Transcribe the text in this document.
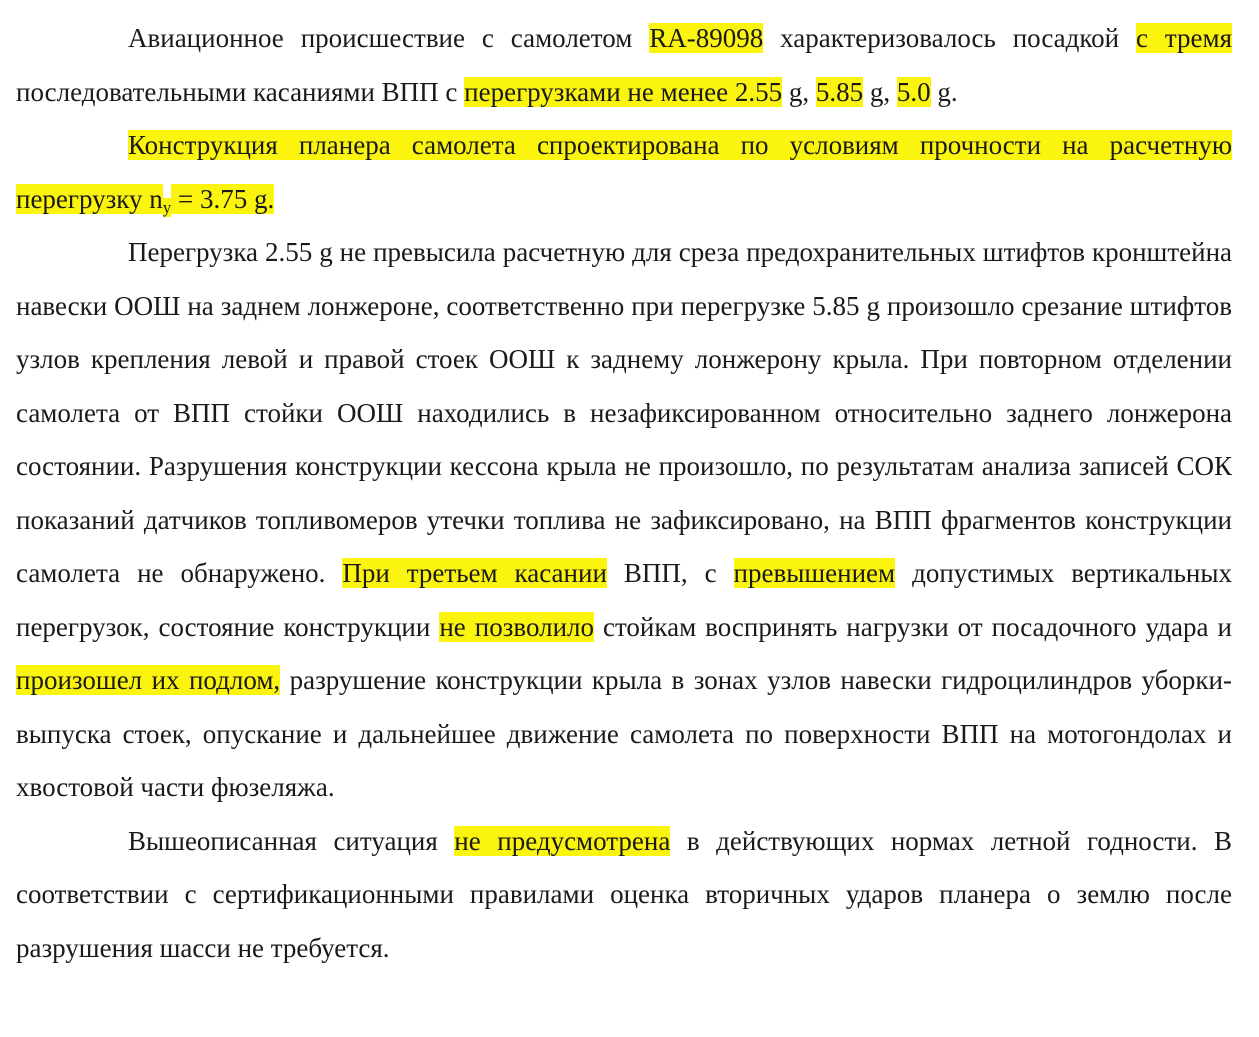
Авиационное происшествие с самолетом RA-89098 характеризовалось посадкой с тремя последовательными касаниями ВПП с перегрузками не менее 2.55 g, 5.85 g, 5.0 g.

Конструкция планера самолета спроектирована по условиям прочности на расчетную перегрузку ny = 3.75 g.

Перегрузка 2.55 g не превысила расчетную для среза предохранительных штифтов кронштейна навески ООШ на заднем лонжероне, соответственно при перегрузке 5.85 g произошло срезание штифтов узлов крепления левой и правой стоек ООШ к заднему лонжерону крыла. При повторном отделении самолета от ВПП стойки ООШ находились в незафиксированном относительно заднего лонжерона состоянии. Разрушения конструкции кессона крыла не произошло, по результатам анализа записей СОК показаний датчиков топливомеров утечки топлива не зафиксировано, на ВПП фрагментов конструкции самолета не обнаружено. При третьем касании ВПП, с превышением допустимых вертикальных перегрузок, состояние конструкции не позволило стойкам воспринять нагрузки от посадочного удара и произошел их подлом, разрушение конструкции крыла в зонах узлов навески гидроцилиндров уборки-выпуска стоек, опускание и дальнейшее движение самолета по поверхности ВПП на мотогондолах и хвостовой части фюзеляжа.

Вышеописанная ситуация не предусмотрена в действующих нормах летной годности. В соответствии с сертификационными правилами оценка вторичных ударов планера о землю после разрушения шасси не требуется.
